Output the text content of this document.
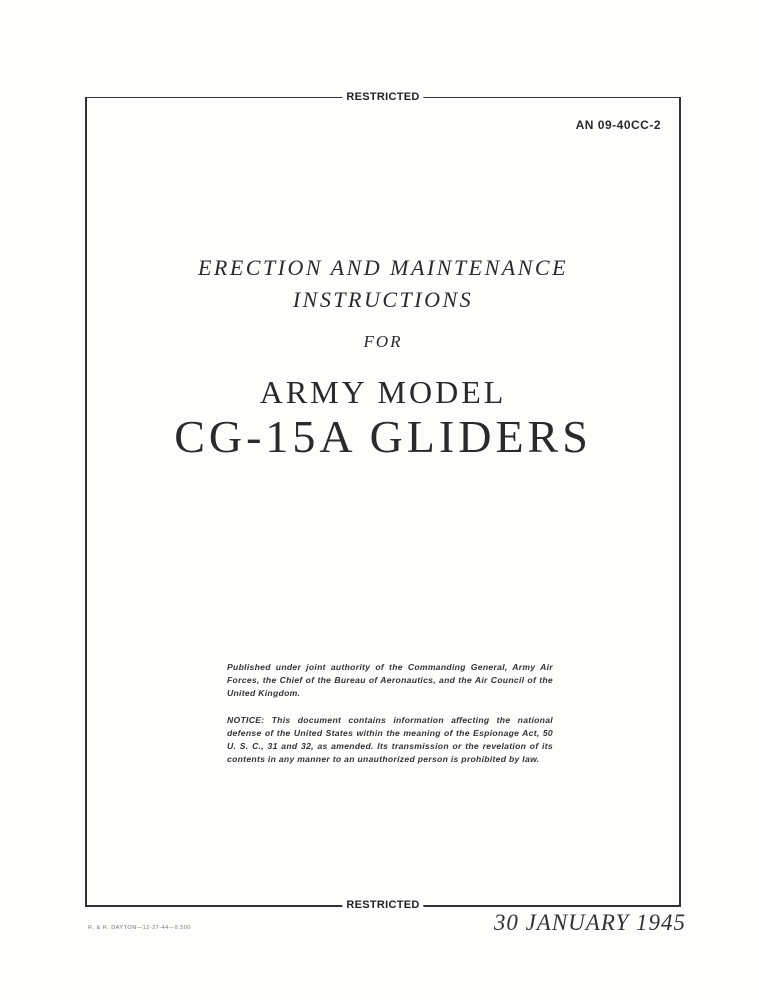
RESTRICTED
AN 09-40CC-2
ERECTION AND MAINTENANCE
INSTRUCTIONS
FOR
ARMY MODEL
CG-15A GLIDERS

Published under joint authority of the Commanding General, Army Air Forces, the Chief of the Bureau of Aeronautics, and the Air Council of the United Kingdom.

NOTICE: This document contains information affecting the national defense of the United States within the meaning of the Espionage Act, 50 U. S. C., 31 and 32, as amended. Its transmission or the revelation of its contents in any manner to an unauthorized person is prohibited by law.

RESTRICTED
R. & R. DAYTON—12-27-44—9,500	30 JANUARY 1945
